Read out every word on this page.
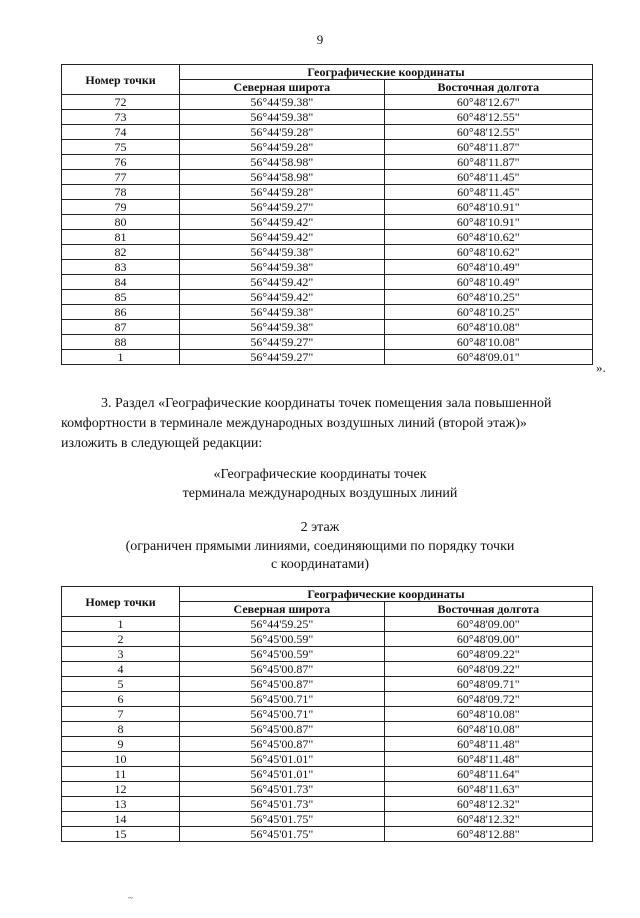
9
Номер точки	Географические координаты	
	Северная широта	Восточная долгота
72	56°44'59.38"	60°48'12.67"
73	56°44'59.38"	60°48'12.55"
74	56°44'59.28"	60°48'12.55"
75	56°44'59.28"	60°48'11.87"
76	56°44'58.98"	60°48'11.87"
77	56°44'58.98"	60°48'11.45"
78	56°44'59.28"	60°48'11.45"
79	56°44'59.27"	60°48'10.91"
80	56°44'59.42"	60°48'10.91"
81	56°44'59.42"	60°48'10.62"
82	56°44'59.38"	60°48'10.62"
83	56°44'59.38"	60°48'10.49"
84	56°44'59.42"	60°48'10.49"
85	56°44'59.42"	60°48'10.25"
86	56°44'59.38"	60°48'10.25"
87	56°44'59.38"	60°48'10.08"
88	56°44'59.27"	60°48'10.08"
1	56°44'59.27"	60°48'09.01"
».
3. Раздел «Географические координаты точек помещения зала повышенной
комфортности в терминале международных воздушных линий (второй этаж)»
изложить в следующей редакции:
«Географические координаты точек
терминала международных воздушных линий
2 этаж
(ограничен прямыми линиями, соединяющими по порядку точки
с координатами)
Номер точки	Географические координаты	
	Северная широта	Восточная долгота
1	56°44'59.25"	60°48'09.00"
2	56°45'00.59"	60°48'09.00"
3	56°45'00.59"	60°48'09.22"
4	56°45'00.87"	60°48'09.22"
5	56°45'00.87"	60°48'09.71"
6	56°45'00.71"	60°48'09.72"
7	56°45'00.71"	60°48'10.08"
8	56°45'00.87"	60°48'10.08"
9	56°45'00.87"	60°48'11.48"
10	56°45'01.01"	60°48'11.48"
11	56°45'01.01"	60°48'11.64"
12	56°45'01.73"	60°48'11.63"
13	56°45'01.73"	60°48'12.32"
14	56°45'01.75"	60°48'12.32"
15	56°45'01.75"	60°48'12.88"
~
